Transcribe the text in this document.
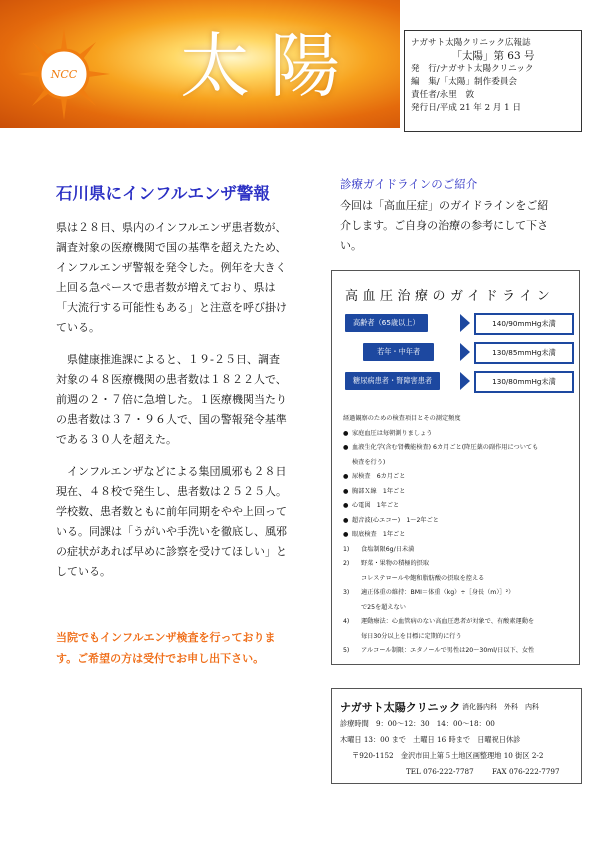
NCC 太陽	ナガサト太陽クリニック広報誌
「太陽」第 63 号
発　行/ナガサト太陽クリニック
編　集/「太陽」制作委員会
責任者/永里　敦
発行日/平成 21 年 2 月 1 日
石川県にインフルエンザ警報
県は２８日、県内のインフルエンザ患者数が、
調査対象の医療機関で国の基準を超えたため、
インフルエンザ警報を発令した。例年を大きく
上回る急ペースで患者数が増えており、県は
「大流行する可能性もある」と注意を呼び掛け
ている。
　県健康推進課によると、１９-２５日、調査
対象の４８医療機関の患者数は１８２２人で、
前週の２・７倍に急増した。１医療機関当たり
の患者数は３７・９６人で、国の警報発令基準
である３０人を超えた。
　インフルエンザなどによる集団風邪も２８日
現在、４８校で発生し、患者数は２５２５人。
学校数、患者数ともに前年同期をやや上回って
いる。同課は「うがいや手洗いを徹底し、風邪
の症状があれば早めに診察を受けてほしい」と
している。
当院でもインフルエンザ検査を行っておりま
す。ご希望の方は受付でお申し出下さい。
診療ガイドラインのご紹介
今回は「高血圧症」のガイドラインをご紹
介します。ご自身の治療の参考にして下さ
い。
高血圧治療のガイドライン
高齢者（65歳以上）	140/90mmHg未満
若年・中年者	130/85mmHg未満
糖尿病患者・腎障害患者	130/80mmHg未満
経過観察のための検査項目とその測定頻度
● 家庭血圧は毎朝測りましょう
● 血液生化学(含む肾機能検査) 6カ月ごと(降圧薬の副作用についても
検査を行う)
● 尿検査　6カ月ごと
● 胸部Ｘ線　1年ごと
● 心電図　1年ごと
● 超音波(心エコー)　1〜2年ごと
● 眼底検査　1年ごと
1) 食塩制限6g/日未満
2) 野菜・果物の積極的摂取
コレステロールや飽和脂肪酸の摂取を控える
3) 適正体重の維持：BMI＝体重（kg）÷［身長（m）］²）
で25を超えない
4) 運動療法：心血管病のない高血圧患者が対象で、有酸素運動を
毎日30分以上を目標に定期的に行う
5) アルコール制限：エタノールで男性は20〜30ml/日以下、女性
ナガサト太陽クリニック 消化器内科　外科　内科
診療時間　9：00〜12：30　14：00〜18：00
木曜日 13：00 まで　土曜日 16 時まで　日曜祝日休診
〒920-1152　金沢市田上第５土地区画整理地 10 街区 2-2
TEL 076-222-7787	FAX 076-222-7797
